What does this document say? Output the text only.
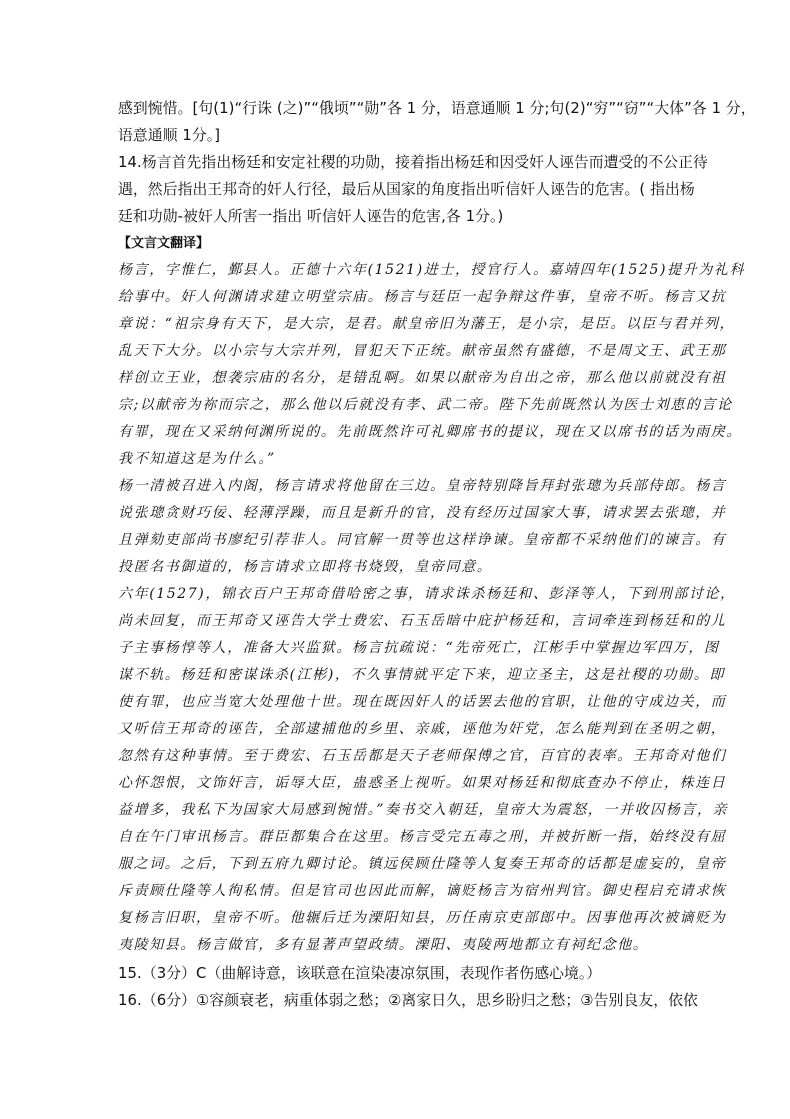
感到惋惜。[句(1)“行诛 (之)”“俄顷”“勋”各 1 分，语意通顺 1 分;句(2)“穷”“窃”“大体”各 1 分，
语意通顺 1分。]
14.杨言首先指出杨廷和安定社稷的功勋，接着指出杨廷和因受奸人诬告而遭受的不公正待
遇，然后指出王邦奇的奸人行径，最后从国家的角度指出听信奸人诬告的危害。( 指出杨
廷和功勋-被奸人所害一指出 听信奸人诬告的危害,各 1分。)
【文言文翻译】
杨言，字惟仁，鄞县人。正德十六年(1521)进士，授官行人。嘉靖四年(1525)提升为礼科
给事中。奸人何渊请求建立明堂宗庙。杨言与廷臣一起争辩这件事，皇帝不听。杨言又抗
章说：“祖宗身有天下，是大宗，是君。献皇帝旧为藩王，是小宗，是臣。以臣与君并列，
乱天下大分。以小宗与大宗并列，冒犯天下正统。献帝虽然有盛德，不是周文王、武王那
样创立王业，想袭宗庙的名分，是错乱啊。如果以献帝为自出之帝，那么他以前就没有祖
宗;以献帝为祢而宗之，那么他以后就没有孝、武二帝。陛下先前既然认为医士刘恵的言论
有罪，现在又采纳何渊所说的。先前既然许可礼卿席书的提议，现在又以席书的话为雨戾。
我不知道这是为什么。”
杨一清被召进入内阁，杨言请求将他留在三边。皇帝特别降旨拜封张璁为兵部侍郎。杨言
说张璁贪财巧佞、轻薄浮躁，而且是新升的官，没有经历过国家大事，请求罢去张璁，并
且弹劾吏部尚书廖纪引荐非人。同官解一贯等也这样诤谏。皇帝都不采纳他们的谏言。有
投匿名书御道的，杨言请求立即将书烧毁，皇帝同意。
六年(1527)，锦衣百户王邦奇借哈密之事，请求诛杀杨廷和、彭泽等人，下到刑部讨论，
尚未回复，而王邦奇又诬告大学士费宏、石玉岳暗中庇护杨廷和，言词牵连到杨廷和的儿
子主事杨惇等人，准备大兴监狱。杨言抗疏说：“先帝死亡，江彬手中掌握边军四万，图
谋不轨。杨廷和密谋诛杀(江彬)，不久事情就平定下来，迎立圣主，这是社稷的功勋。即
使有罪，也应当宽大处理他十世。现在既因奸人的话罢去他的官职，让他的守成边关，而
又听信王邦奇的诬告，全部逮捕他的乡里、亲戚，诬他为奸党，怎么能判到在圣明之朝，
忽然有这种事情。至于费宏、石玉岳都是天子老师保傅之官，百官的表率。王邦奇对他们
心怀怨恨，文饰奸言，诟辱大臣，蛊惑圣上视听。如果对杨廷和彻底查办不停止，株连日
益增多，我私下为国家大局感到惋惜。”奏书交入朝廷，皇帝大为震怒，一并收囚杨言，亲
自在午门审讯杨言。群臣都集合在这里。杨言受完五毒之刑，并被折断一指，始终没有屈
服之词。之后，下到五府九卿讨论。镇远侯顾仕隆等人复奏王邦奇的话都是虚妄的，皇帝
斥责顾仕隆等人徇私情。但是官司也因此而解，谪贬杨言为宿州判官。御史程启充请求恢
复杨言旧职，皇帝不听。他辗后迁为溧阳知县，历任南京吏部郎中。因事他再次被谪贬为
夷陵知县。杨言做官，多有显著声望政绩。溧阳、夷陵两地都立有祠纪念他。
15.（3分）C（曲解诗意，该联意在渲染凄凉氛围，表现作者伤感心境。）
16.（6分）①容颜衰老，病重体弱之愁；②离家日久，思乡盼归之愁；③告别良友，依依
